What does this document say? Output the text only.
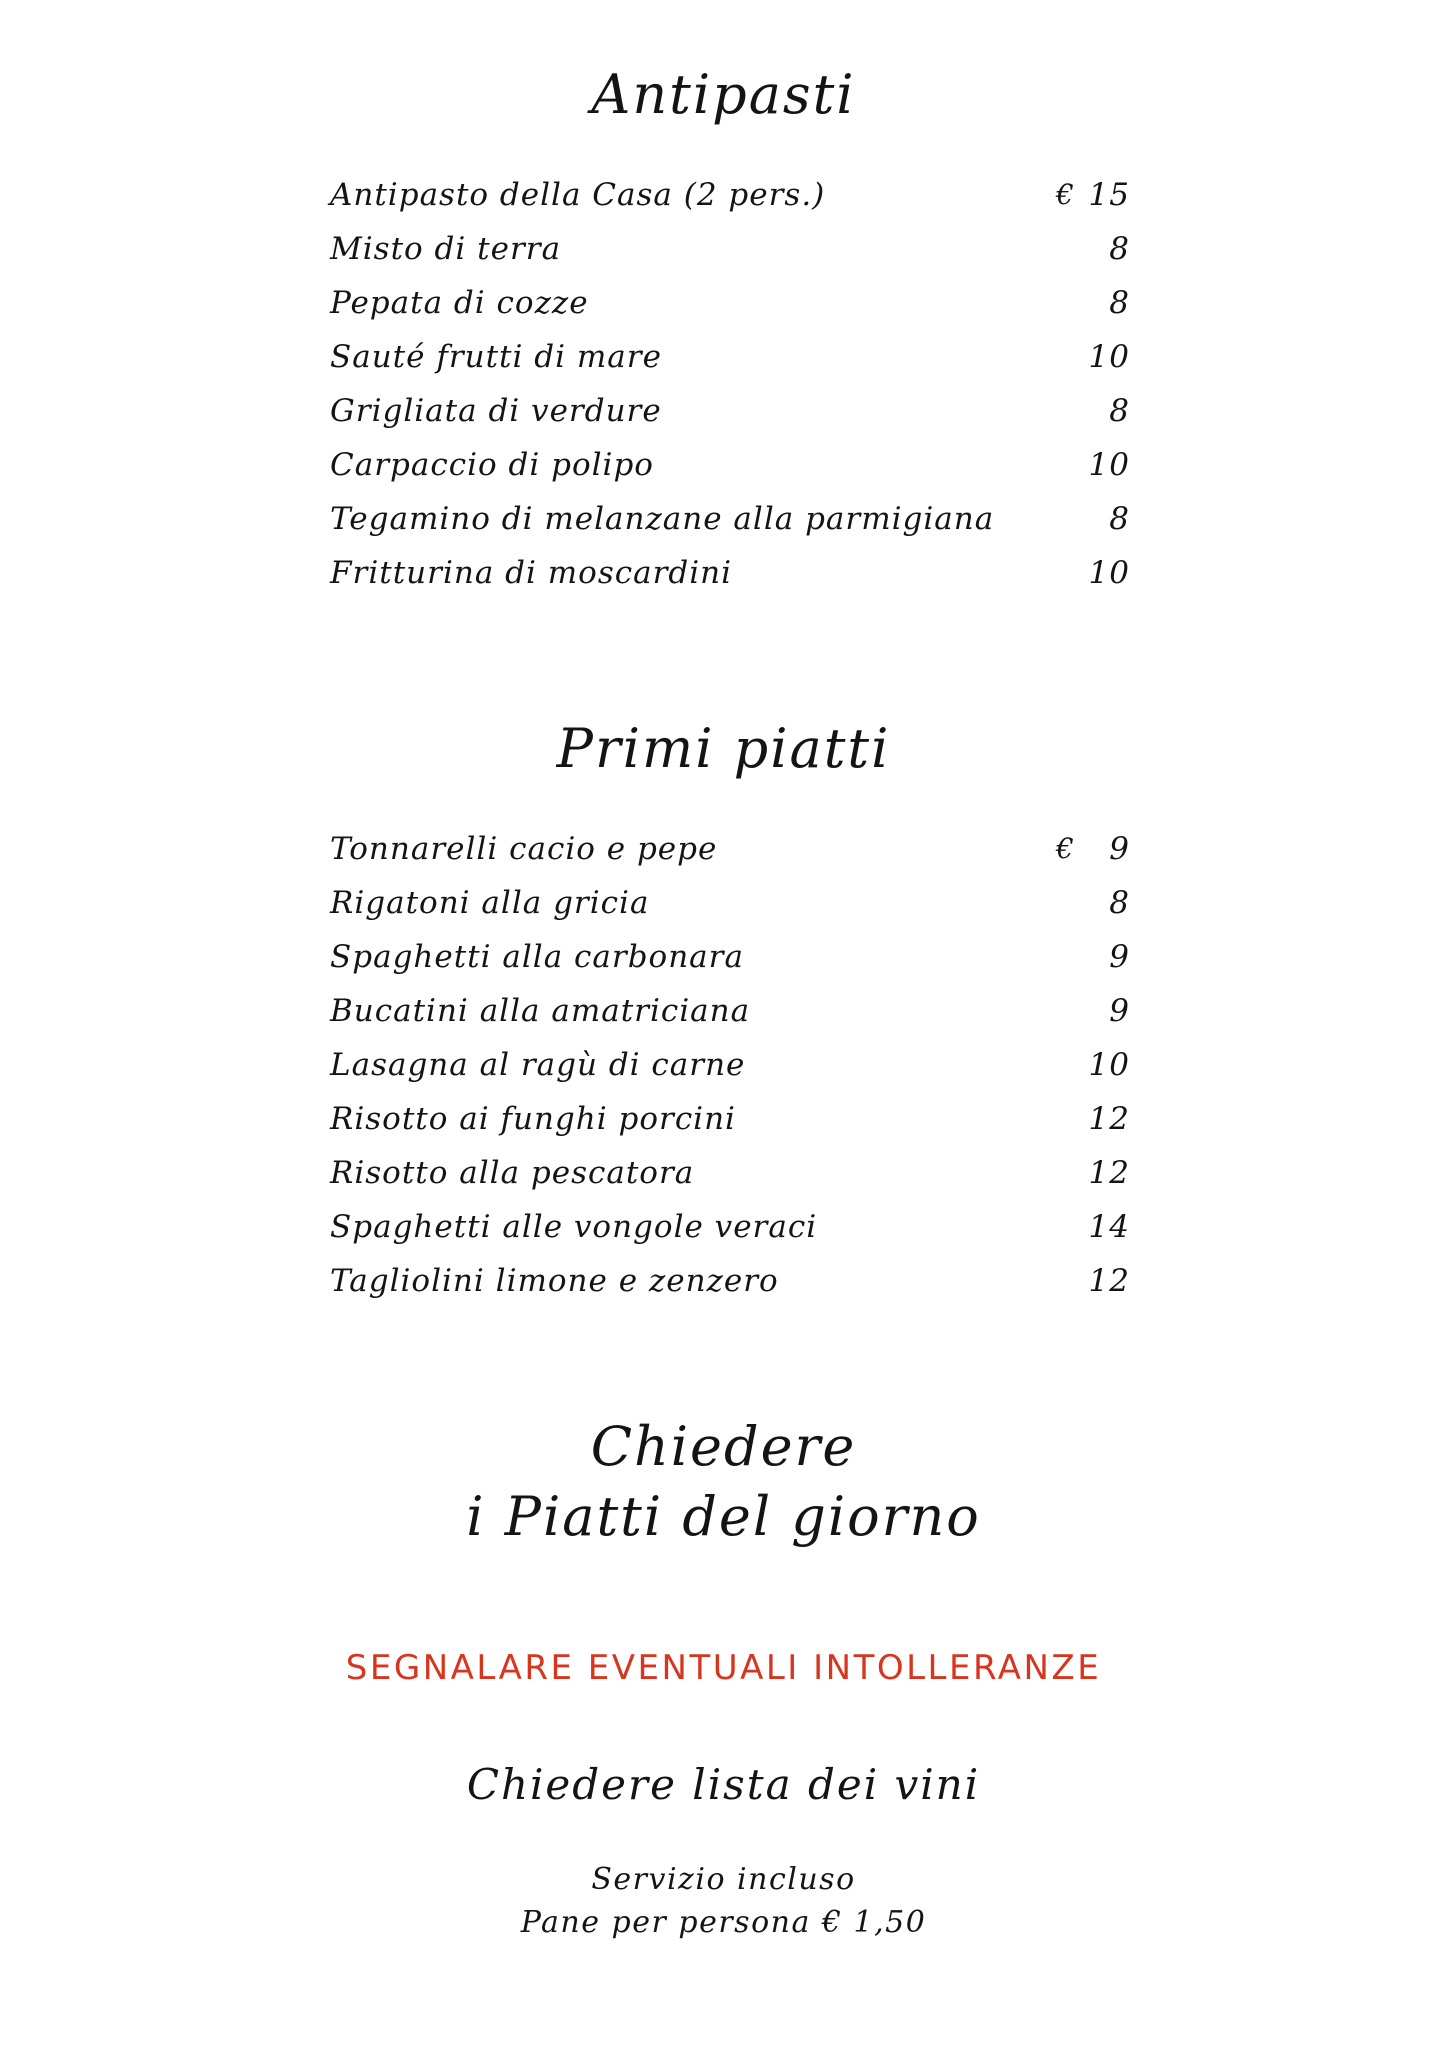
Antipasti
Antipasto della Casa (2 pers.)	€ 15
Misto di terra	8
Pepata di cozze	8
Sauté frutti di mare	10
Grigliata di verdure	8
Carpaccio di polipo	10
Tegamino di melanzane alla parmigiana	8
Fritturina di moscardini	10
Primi piatti
Tonnarelli cacio e pepe	€ 9
Rigatoni alla gricia	8
Spaghetti alla carbonara	9
Bucatini alla amatriciana	9
Lasagna al ragù di carne	10
Risotto ai funghi porcini	12
Risotto alla pescatora	12
Spaghetti alle vongole veraci	14
Tagliolini limone e zenzero	12
Chiedere
i Piatti del giorno
SEGNALARE EVENTUALI INTOLLERANZE
Chiedere lista dei vini
Servizio incluso
Pane per persona € 1,50
